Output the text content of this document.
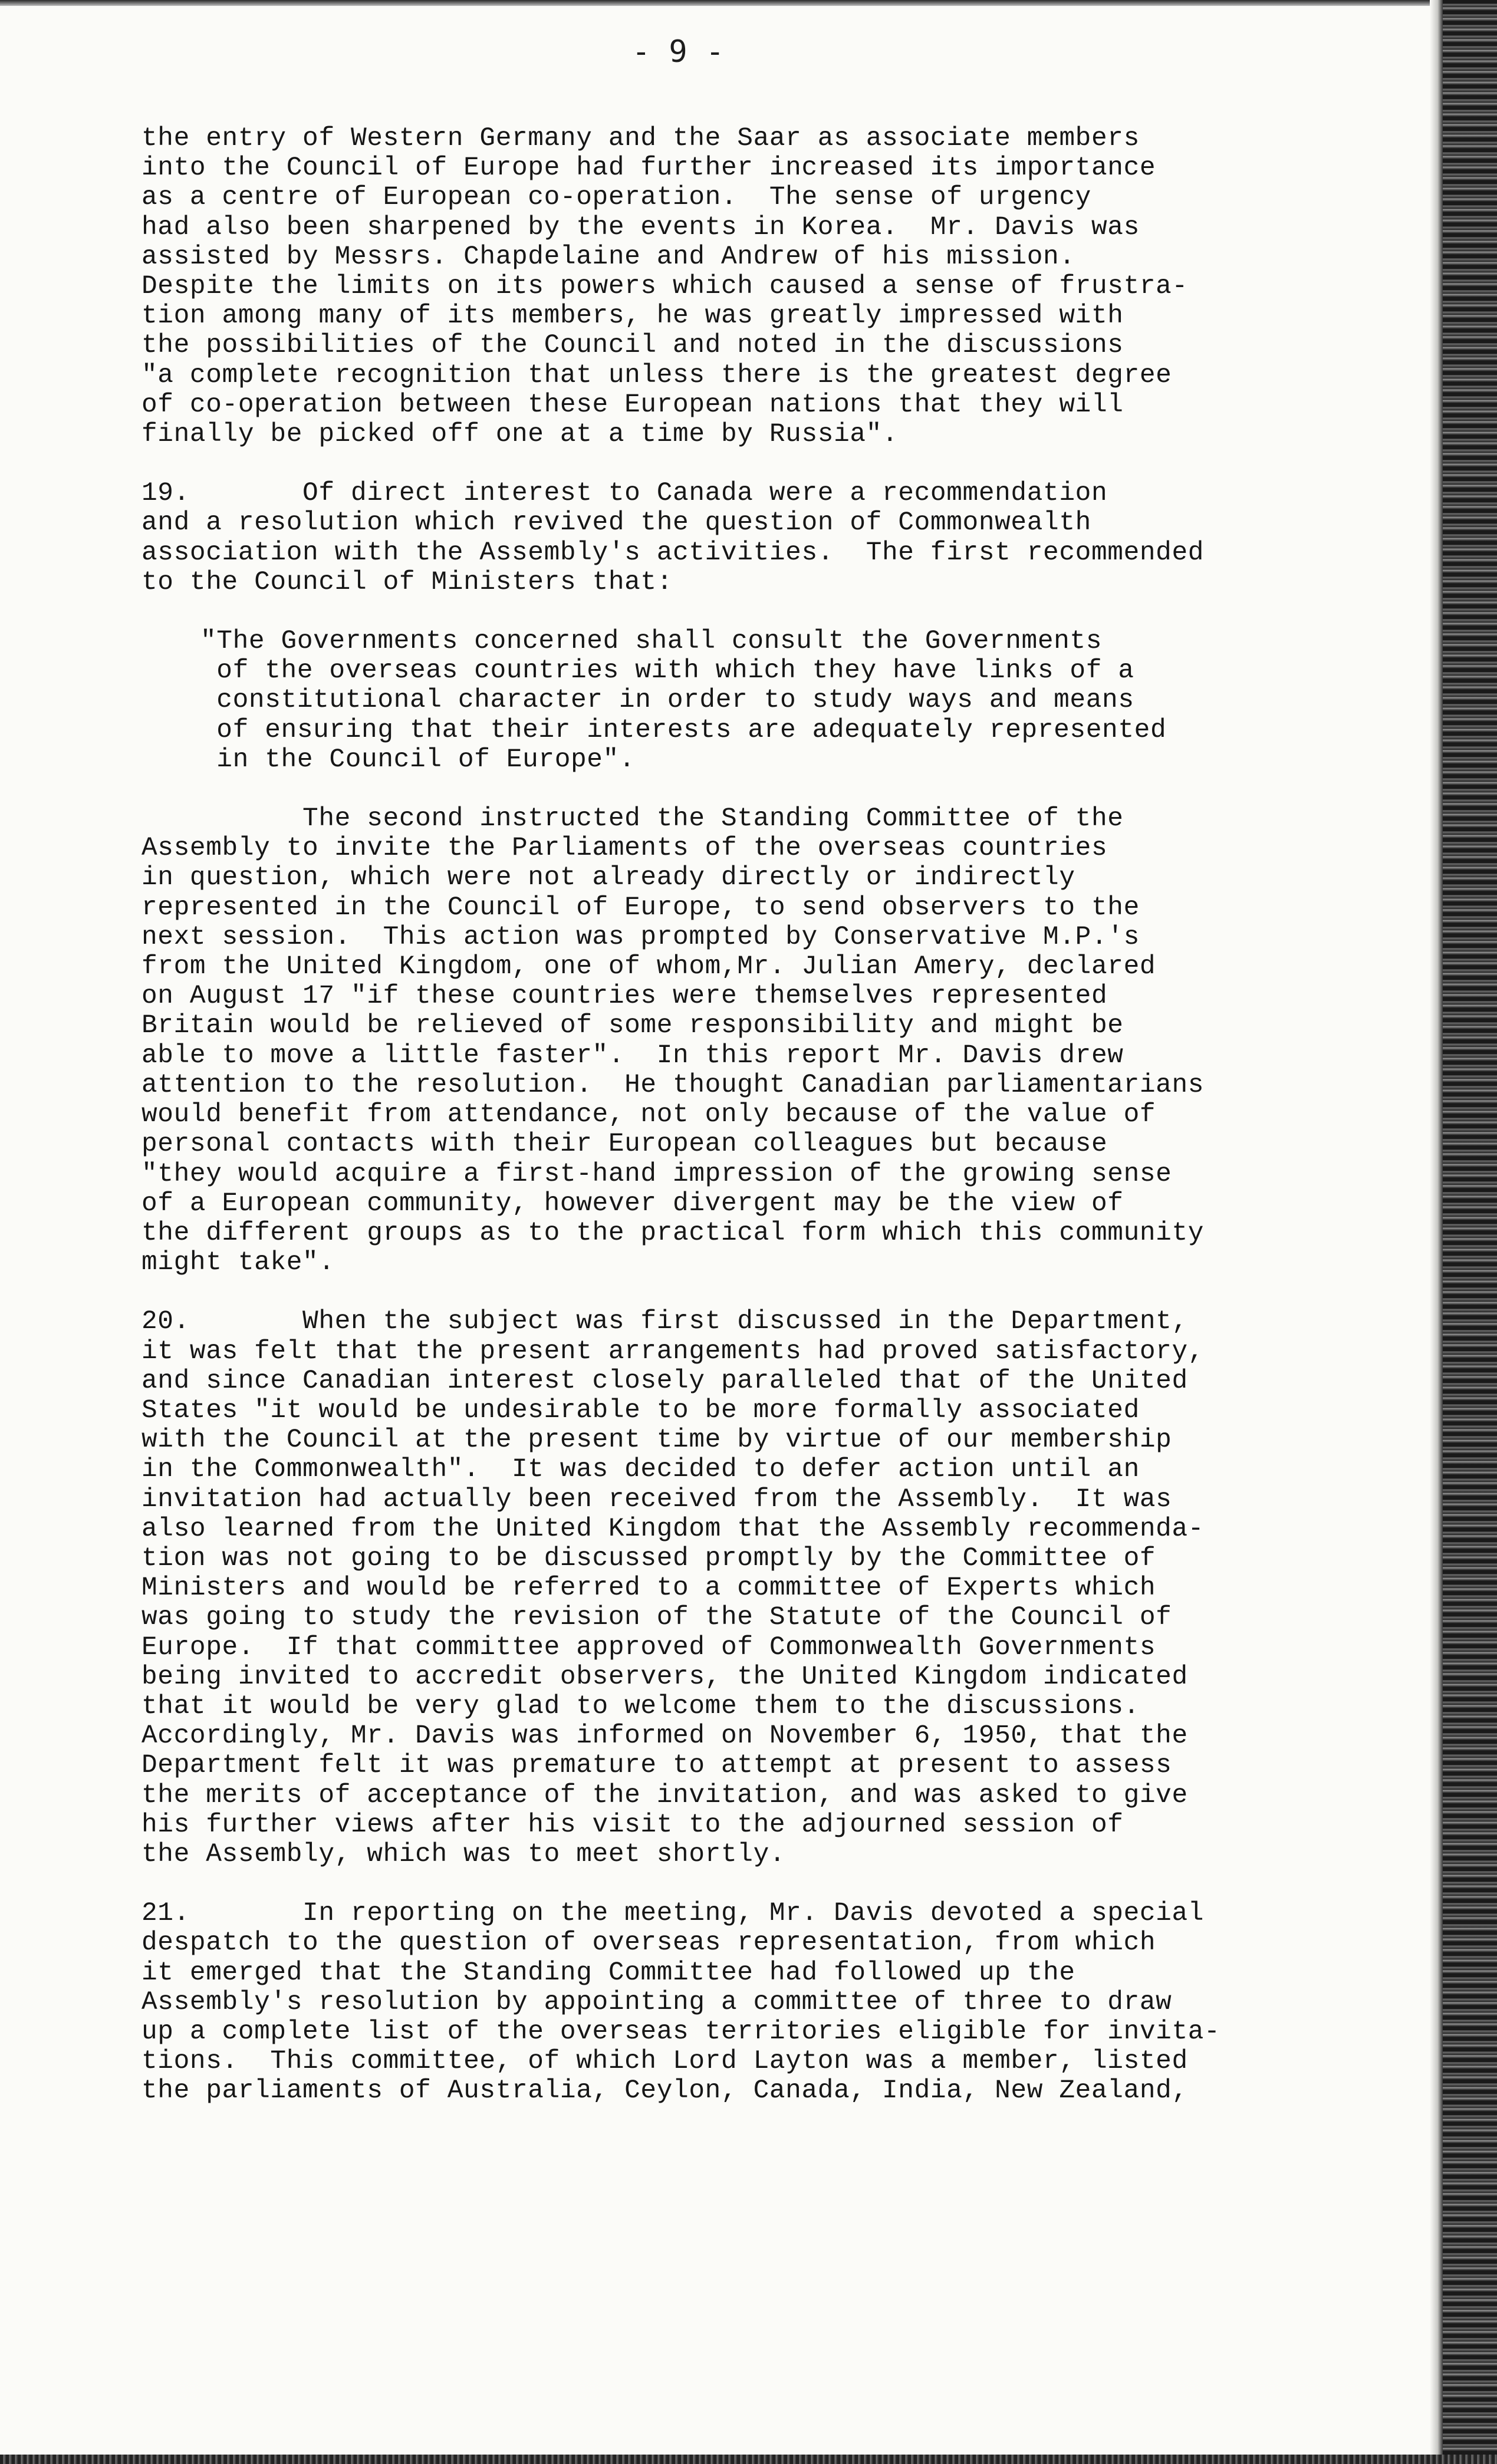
- 9 -
the entry of Western Germany and the Saar as associate members
into the Council of Europe had further increased its importance
as a centre of European co-operation.  The sense of urgency
had also been sharpened by the events in Korea.  Mr. Davis was
assisted by Messrs. Chapdelaine and Andrew of his mission.
Despite the limits on its powers which caused a sense of frustra-
tion among many of its members, he was greatly impressed with
the possibilities of the Council and noted in the discussions
"a complete recognition that unless there is the greatest degree
of co-operation between these European nations that they will
finally be picked off one at a time by Russia".
19.       Of direct interest to Canada were a recommendation
and a resolution which revived the question of Commonwealth
association with the Assembly's activities.  The first recommended
to the Council of Ministers that:
"The Governments concerned shall consult the Governments
of the overseas countries with which they have links of a
constitutional character in order to study ways and means
of ensuring that their interests are adequately represented
in the Council of Europe".
The second instructed the Standing Committee of the
Assembly to invite the Parliaments of the overseas countries
in question, which were not already directly or indirectly
represented in the Council of Europe, to send observers to the
next session.  This action was prompted by Conservative M.P.'s
from the United Kingdom, one of whom,Mr. Julian Amery, declared
on August 17 "if these countries were themselves represented
Britain would be relieved of some responsibility and might be
able to move a little faster".  In this report Mr. Davis drew
attention to the resolution.  He thought Canadian parliamentarians
would benefit from attendance, not only because of the value of
personal contacts with their European colleagues but because
"they would acquire a first-hand impression of the growing sense
of a European community, however divergent may be the view of
the different groups as to the practical form which this community
might take".
20.       When the subject was first discussed in the Department,
it was felt that the present arrangements had proved satisfactory,
and since Canadian interest closely paralleled that of the United
States "it would be undesirable to be more formally associated
with the Council at the present time by virtue of our membership
in the Commonwealth".  It was decided to defer action until an
invitation had actually been received from the Assembly.  It was
also learned from the United Kingdom that the Assembly recommenda-
tion was not going to be discussed promptly by the Committee of
Ministers and would be referred to a committee of Experts which
was going to study the revision of the Statute of the Council of
Europe.  If that committee approved of Commonwealth Governments
being invited to accredit observers, the United Kingdom indicated
that it would be very glad to welcome them to the discussions.
Accordingly, Mr. Davis was informed on November 6, 1950, that the
Department felt it was premature to attempt at present to assess
the merits of acceptance of the invitation, and was asked to give
his further views after his visit to the adjourned session of
the Assembly, which was to meet shortly.
21.       In reporting on the meeting, Mr. Davis devoted a special
despatch to the question of overseas representation, from which
it emerged that the Standing Committee had followed up the
Assembly's resolution by appointing a committee of three to draw
up a complete list of the overseas territories eligible for invita-
tions.  This committee, of which Lord Layton was a member, listed
the parliaments of Australia, Ceylon, Canada, India, New Zealand,
